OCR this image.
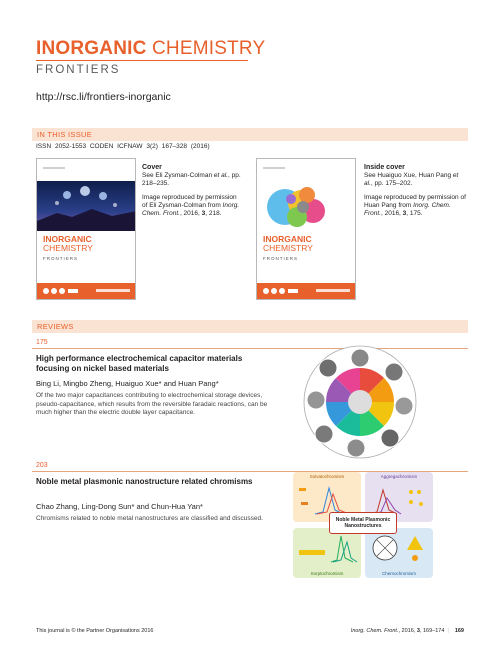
INORGANIC CHEMISTRY
FRONTIERS
http://rsc.li/frontiers-inorganic
IN THIS ISSUE
ISSN 2052-1553 CODEN ICFNAW 3(2) 167–328 (2016)
INORGANIC
CHEMISTRY
FRONTIERS

Cover
See Eli Zysman-Colman et al., pp. 218–235.

Image reproduced by permission of Eli Zysman-Colman from Inorg. Chem. Front., 2016, 3, 218.

INORGANIC
CHEMISTRY
FRONTIERS

Inside cover
See Huaiguo Xue, Huan Pang et al., pp. 175–202.

Image reproduced by permission of Huan Pang from Inorg. Chem. Front., 2016, 3, 175.

REVIEWS
175
High performance electrochemical capacitor materials focusing on nickel based materials
Bing Li, Mingbo Zheng, Huaiguo Xue* and Huan Pang*
Of the two major capacitances contributing to electrochemical storage devices, pseudo-capacitance, which results from the reversible faradaic reactions, can be much higher than the electric double layer capacitance.
203
Noble metal plasmonic nanostructure related chromisms
Chao Zhang, Ling-Dong Sun* and Chun-Hua Yan*
Chromisms related to noble metal nanostructures are classified and discussed.
Solvatochromism	Aggregachromism
Sorptochromism	Chemochromism
Noble Metal Plasmonic Nanostructures
This journal is © the Partner Organisations 2016	Inorg. Chem. Front., 2016, 3, 169–174 | 169
